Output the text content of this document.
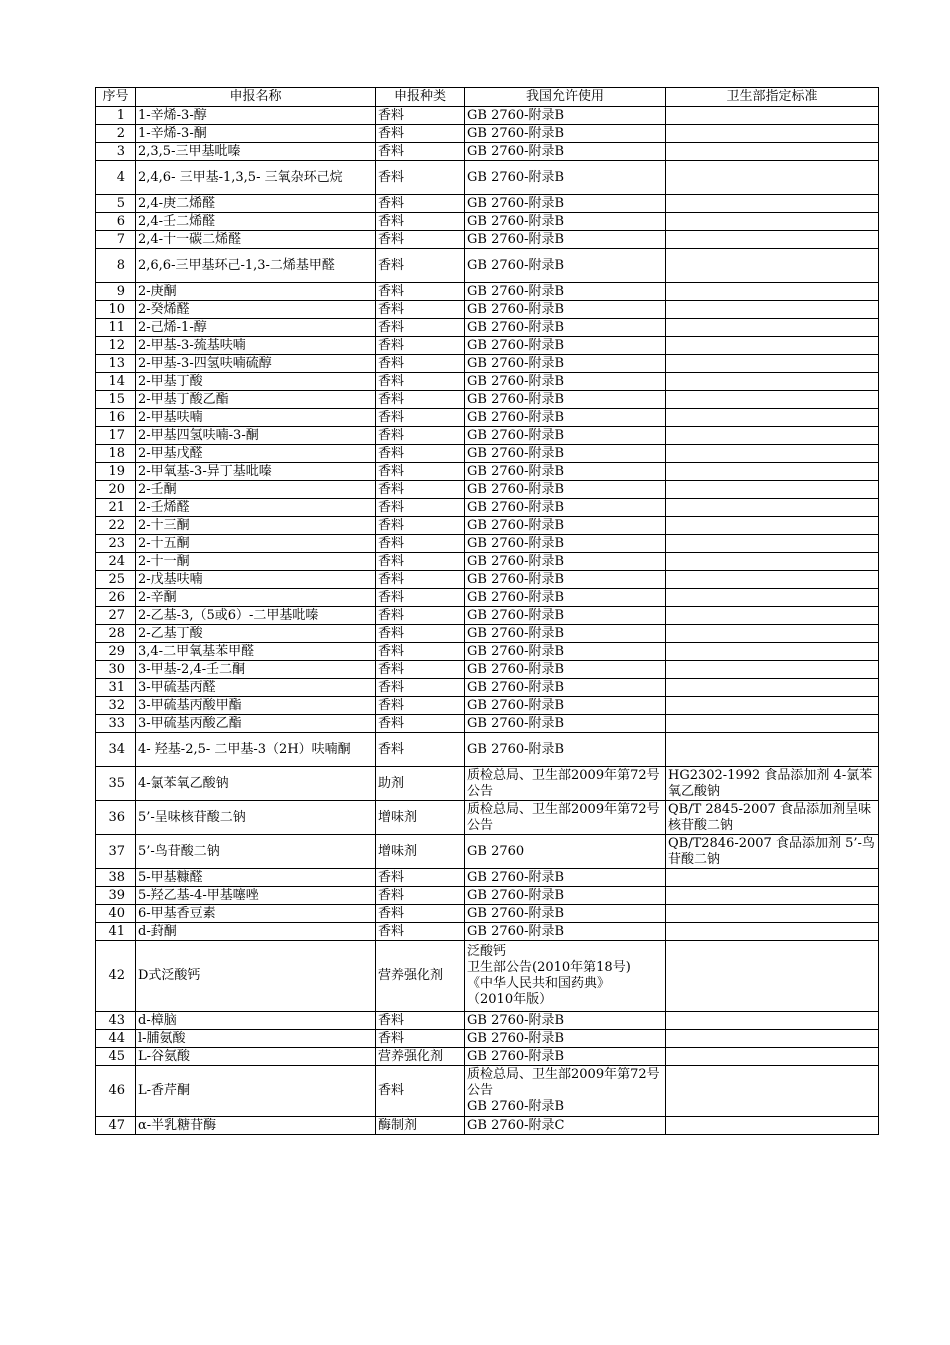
序号	申报名称	申报种类	我国允许使用	卫生部指定标准
1	1-辛烯-3-醇	香料	GB 2760-附录B	
2	1-辛烯-3-酮	香料	GB 2760-附录B	
3	2,3,5-三甲基吡嗪	香料	GB 2760-附录B	
4	2,4,6- 三甲基-1,3,5- 三氧杂环己烷	香料	GB 2760-附录B	
5	2,4-庚二烯醛	香料	GB 2760-附录B	
6	2,4-壬二烯醛	香料	GB 2760-附录B	
7	2,4-十一碳二烯醛	香料	GB 2760-附录B	
8	2,6,6-三甲基环己-1,3-二烯基甲醛	香料	GB 2760-附录B	
9	2-庚酮	香料	GB 2760-附录B	
10	2-癸烯醛	香料	GB 2760-附录B	
11	2-己烯-1-醇	香料	GB 2760-附录B	
12	2-甲基-3-巯基呋喃	香料	GB 2760-附录B	
13	2-甲基-3-四氢呋喃硫醇	香料	GB 2760-附录B	
14	2-甲基丁酸	香料	GB 2760-附录B	
15	2-甲基丁酸乙酯	香料	GB 2760-附录B	
16	2-甲基呋喃	香料	GB 2760-附录B	
17	2-甲基四氢呋喃-3-酮	香料	GB 2760-附录B	
18	2-甲基戊醛	香料	GB 2760-附录B	
19	2-甲氧基-3-异丁基吡嗪	香料	GB 2760-附录B	
20	2-壬酮	香料	GB 2760-附录B	
21	2-壬烯醛	香料	GB 2760-附录B	
22	2-十三酮	香料	GB 2760-附录B	
23	2-十五酮	香料	GB 2760-附录B	
24	2-十一酮	香料	GB 2760-附录B	
25	2-戊基呋喃	香料	GB 2760-附录B	
26	2-辛酮	香料	GB 2760-附录B	
27	2-乙基-3,（5或6）-二甲基吡嗪	香料	GB 2760-附录B	
28	2-乙基丁酸	香料	GB 2760-附录B	
29	3,4-二甲氧基苯甲醛	香料	GB 2760-附录B	
30	3-甲基-2,4-壬二酮	香料	GB 2760-附录B	
31	3-甲硫基丙醛	香料	GB 2760-附录B	
32	3-甲硫基丙酸甲酯	香料	GB 2760-附录B	
33	3-甲硫基丙酸乙酯	香料	GB 2760-附录B	
34	4- 羟基-2,5- 二甲基-3（2H）呋喃酮	香料	GB 2760-附录B	
35	4-氯苯氧乙酸钠	助剂	质检总局、卫生部2009年第72号公告	HG2302-1992 食品添加剂 4-氯苯氧乙酸钠
36	5’-呈味核苷酸二钠	增味剂	质检总局、卫生部2009年第72号公告	QB/T 2845-2007 食品添加剂呈味核苷酸二钠
37	5’-鸟苷酸二钠	增味剂	GB 2760	QB/T2846-2007 食品添加剂 5’-鸟苷酸二钠
38	5-甲基糠醛	香料	GB 2760-附录B	
39	5-羟乙基-4-甲基噻唑	香料	GB 2760-附录B	
40	6-甲基香豆素	香料	GB 2760-附录B	
41	d-葑酮	香料	GB 2760-附录B	
42	D式泛酸钙	营养强化剂	泛酸钙
卫生部公告(2010年第18号)
《中华人民共和国药典》
（2010年版）	

43	d-樟脑	香料	GB 2760-附录B	
44	l-脯氨酸	香料	GB 2760-附录B	
45	L-谷氨酸	营养强化剂	GB 2760-附录B	
46	L-香芹酮	香料	质检总局、卫生部2009年第72号公告
GB 2760-附录B	

47	α-半乳糖苷酶	酶制剂	GB 2760-附录C	
